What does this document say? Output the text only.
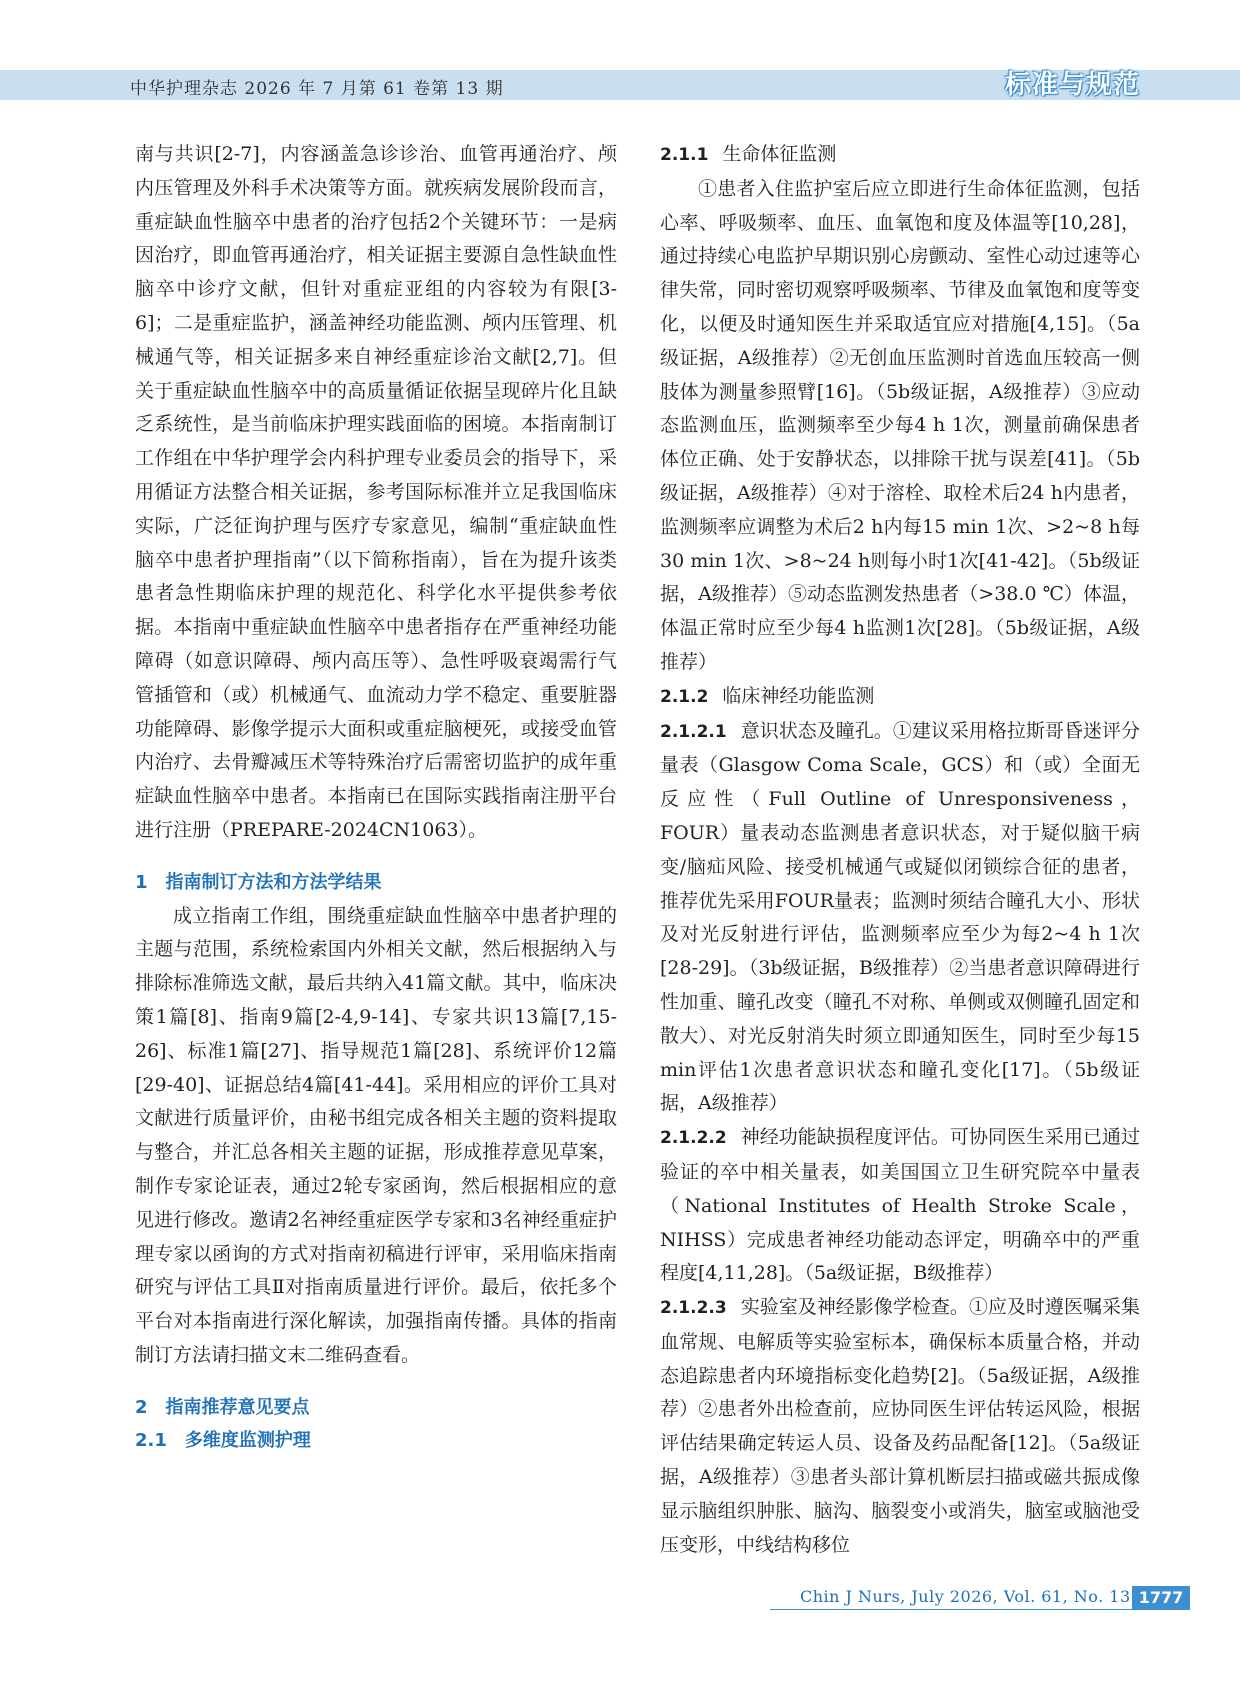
中华护理杂志 2026 年 7 月第 61 卷第 13 期	标准与规范

南与共识[2-7]，内容涵盖急诊诊治、血管再通治疗、颅内压管理及外科手术决策等方面。就疾病发展阶段而言，重症缺血性脑卒中患者的治疗包括2个关键环节：一是病因治疗，即血管再通治疗，相关证据主要源自急性缺血性脑卒中诊疗文献，但针对重症亚组的内容较为有限[3-6]；二是重症监护，涵盖神经功能监测、颅内压管理、机械通气等，相关证据多来自神经重症诊治文献[2,7]。但关于重症缺血性脑卒中的高质量循证依据呈现碎片化且缺乏系统性，是当前临床护理实践面临的困境。本指南制订工作组在中华护理学会内科护理专业委员会的指导下，采用循证方法整合相关证据，参考国际标准并立足我国临床实际，广泛征询护理与医疗专家意见，编制“重症缺血性脑卒中患者护理指南”（以下简称指南），旨在为提升该类患者急性期临床护理的规范化、科学化水平提供参考依据。本指南中重症缺血性脑卒中患者指存在严重神经功能障碍（如意识障碍、颅内高压等）、急性呼吸衰竭需行气管插管和（或）机械通气、血流动力学不稳定、重要脏器功能障碍、影像学提示大面积或重症脑梗死，或接受血管内治疗、去骨瓣减压术等特殊治疗后需密切监护的成年重症缺血性脑卒中患者。本指南已在国际实践指南注册平台进行注册（PREPARE-2024CN1063）。

1 指南制订方法和方法学结果

成立指南工作组，围绕重症缺血性脑卒中患者护理的主题与范围，系统检索国内外相关文献，然后根据纳入与排除标准筛选文献，最后共纳入41篇文献。其中，临床决策1篇[8]、指南9篇[2-4,9-14]、专家共识13篇[7,15-26]、标准1篇[27]、指导规范1篇[28]、系统评价12篇[29-40]、证据总结4篇[41-44]。采用相应的评价工具对文献进行质量评价，由秘书组完成各相关主题的资料提取与整合，并汇总各相关主题的证据，形成推荐意见草案，制作专家论证表，通过2轮专家函询，然后根据相应的意见进行修改。邀请2名神经重症医学专家和3名神经重症护理专家以函询的方式对指南初稿进行评审，采用临床指南研究与评估工具Ⅱ对指南质量进行评价。最后，依托多个平台对本指南进行深化解读，加强指南传播。具体的指南制订方法请扫描文末二维码查看。

2 指南推荐意见要点

2.1 多维度监测护理

2.1.1 生命体征监测

①患者入住监护室后应立即进行生命体征监测，包括心率、呼吸频率、血压、血氧饱和度及体温等[10,28]，通过持续心电监护早期识别心房颤动、室性心动过速等心律失常，同时密切观察呼吸频率、节律及血氧饱和度等变化，以便及时通知医生并采取适宜应对措施[4,15]。（5a级证据，A级推荐）②无创血压监测时首选血压较高一侧肢体为测量参照臂[16]。（5b级证据，A级推荐）③应动态监测血压，监测频率至少每4 h 1次，测量前确保患者体位正确、处于安静状态，以排除干扰与误差[41]。（5b级证据，A级推荐）④对于溶栓、取栓术后24 h内患者，监测频率应调整为术后2 h内每15 min 1次、>2~8 h每30 min 1次、>8~24 h则每小时1次[41-42]。（5b级证据，A级推荐）⑤动态监测发热患者（>38.0 ℃）体温，体温正常时应至少每4 h监测1次[28]。（5b级证据，A级推荐）

2.1.2 临床神经功能监测

2.1.2.1 意识状态及瞳孔。①建议采用格拉斯哥昏迷评分量表（Glasgow Coma Scale，GCS）和（或）全面无反应性（Full Outline of Unresponsiveness，FOUR）量表动态监测患者意识状态，对于疑似脑干病变/脑疝风险、接受机械通气或疑似闭锁综合征的患者，推荐优先采用FOUR量表；监测时须结合瞳孔大小、形状及对光反射进行评估，监测频率应至少为每2~4 h 1次[28-29]。（3b级证据，B级推荐）②当患者意识障碍进行性加重、瞳孔改变（瞳孔不对称、单侧或双侧瞳孔固定和散大）、对光反射消失时须立即通知医生，同时至少每15 min评估1次患者意识状态和瞳孔变化[17]。（5b级证据，A级推荐）

2.1.2.2 神经功能缺损程度评估。可协同医生采用已通过验证的卒中相关量表，如美国国立卫生研究院卒中量表（National Institutes of Health Stroke Scale，NIHSS）完成患者神经功能动态评定，明确卒中的严重程度[4,11,28]。（5a级证据，B级推荐）

2.1.2.3 实验室及神经影像学检查。①应及时遵医嘱采集血常规、电解质等实验室标本，确保标本质量合格，并动态追踪患者内环境指标变化趋势[2]。（5a级证据，A级推荐）②患者外出检查前，应协同医生评估转运风险，根据评估结果确定转运人员、设备及药品配备[12]。（5a级证据，A级推荐）③患者头部计算机断层扫描或磁共振成像显示脑组织肿胀、脑沟、脑裂变小或消失，脑室或脑池受压变形，中线结构移位

Chin J Nurs, July 2026, Vol. 61, No. 13 1777
